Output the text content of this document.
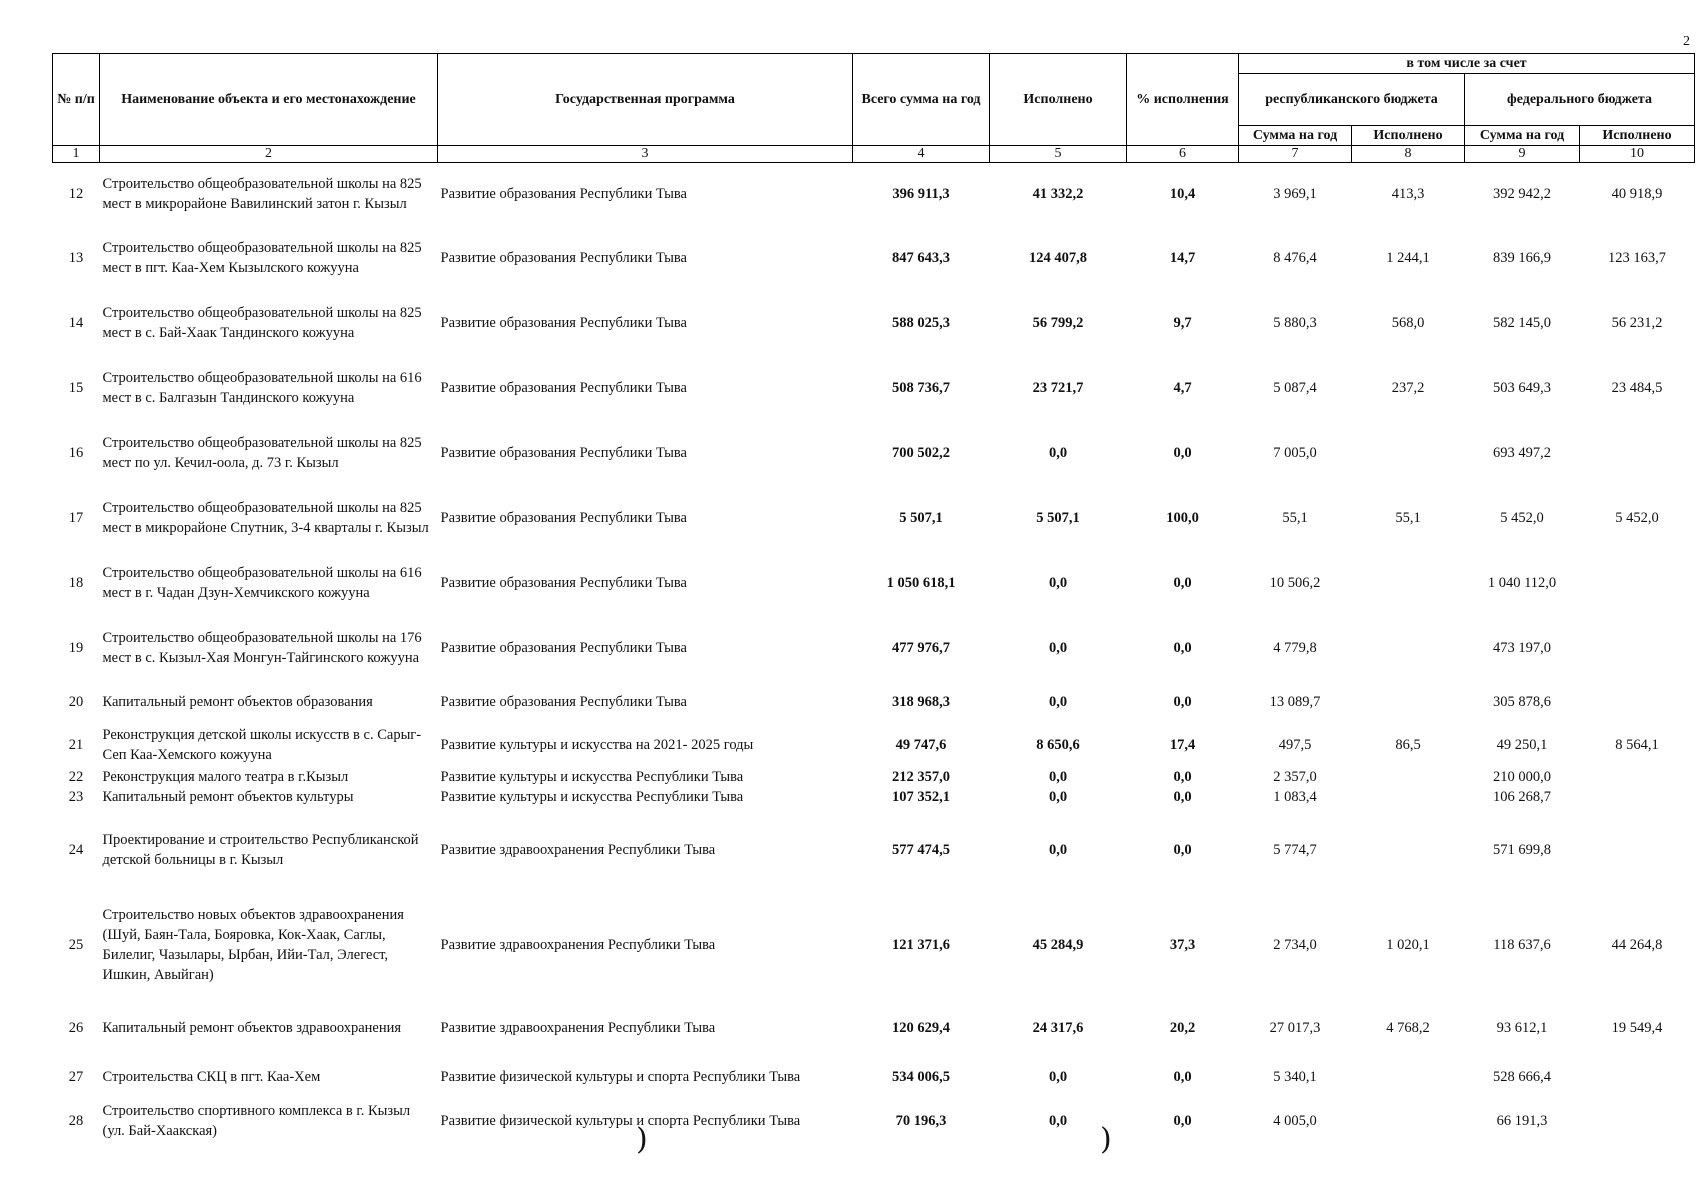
2
№ п/п	Наименование объекта и его местонахождение	Государственная программа	Всего сумма на год	Исполнено	% исполнения	в том числе за счет			
						республиканского бюджета		федерального бюджета	
						Сумма на год	Исполнено	Сумма на год	Исполнено
1	2	3	4	5	6	7	8	9	10
12	Строительство общеобразовательной школы на 825 мест в микрорайоне Вавилинский затон г. Кызыл	Развитие образования Республики Тыва	396 911,3	41 332,2	10,4	3 969,1	413,3	392 942,2	40 918,9
13	Строительство общеобразовательной школы на 825 мест в пгт. Каа-Хем Кызылского кожууна	Развитие образования Республики Тыва	847 643,3	124 407,8	14,7	8 476,4	1 244,1	839 166,9	123 163,7
14	Строительство общеобразовательной школы на 825 мест в с. Бай-Хаак Тандинского кожууна	Развитие образования Республики Тыва	588 025,3	56 799,2	9,7	5 880,3	568,0	582 145,0	56 231,2
15	Строительство общеобразовательной школы на 616 мест в с. Балгазын Тандинского кожууна	Развитие образования Республики Тыва	508 736,7	23 721,7	4,7	5 087,4	237,2	503 649,3	23 484,5
16	Строительство общеобразовательной школы на 825 мест по ул. Кечил-оола, д. 73 г. Кызыл	Развитие образования Республики Тыва	700 502,2	0,0	0,0	7 005,0		693 497,2	
17	Строительство общеобразовательной школы на 825 мест в микрорайоне Спутник, 3-4 кварталы г. Кызыл	Развитие образования Республики Тыва	5 507,1	5 507,1	100,0	55,1	55,1	5 452,0	5 452,0
18	Строительство общеобразовательной школы на 616 мест в г. Чадан Дзун-Хемчикского кожууна	Развитие образования Республики Тыва	1 050 618,1	0,0	0,0	10 506,2		1 040 112,0	
19	Строительство общеобразовательной школы на 176 мест в с. Кызыл-Хая Монгун-Тайгинского кожууна	Развитие образования Республики Тыва	477 976,7	0,0	0,0	4 779,8		473 197,0	
20	Капитальный ремонт объектов образования	Развитие образования Республики Тыва	318 968,3	0,0	0,0	13 089,7		305 878,6	
21	Реконструкция детской школы искусств в с. Сарыг-Сеп Каа-Хемского кожууна	Развитие культуры и искусства на 2021- 2025 годы	49 747,6	8 650,6	17,4	497,5	86,5	49 250,1	8 564,1
22	Реконструкция малого театра в г.Кызыл	Развитие культуры и искусства Республики Тыва	212 357,0	0,0	0,0	2 357,0		210 000,0	
23	Капитальный ремонт объектов культуры	Развитие культуры и искусства Республики Тыва	107 352,1	0,0	0,0	1 083,4		106 268,7	
24	Проектирование и строительство Республиканской детской больницы в г. Кызыл	Развитие здравоохранения Республики Тыва	577 474,5	0,0	0,0	5 774,7		571 699,8	
25	Строительство новых объектов здравоохранения (Шуй, Баян-Тала, Бояровка, Кок-Хаак, Саглы, Билелиг, Чазылары, Ырбан, Ийи-Тал, Элегест, Ишкин, Авыйган)	Развитие здравоохранения Республики Тыва	121 371,6	45 284,9	37,3	2 734,0	1 020,1	118 637,6	44 264,8
26	Капитальный ремонт объектов здравоохранения	Развитие здравоохранения Республики Тыва	120 629,4	24 317,6	20,2	27 017,3	4 768,2	93 612,1	19 549,4
27	Строительства СКЦ в пгт. Каа-Хем	Развитие физической культуры и спорта Республики Тыва	534 006,5	0,0	0,0	5 340,1		528 666,4	
28	Строительство спортивного комплекса в г. Кызыл (ул. Бай-Хаакская)	Развитие физической культуры и спорта Республики Тыва	70 196,3	0,0	0,0	4 005,0		66 191,3	
)	)
